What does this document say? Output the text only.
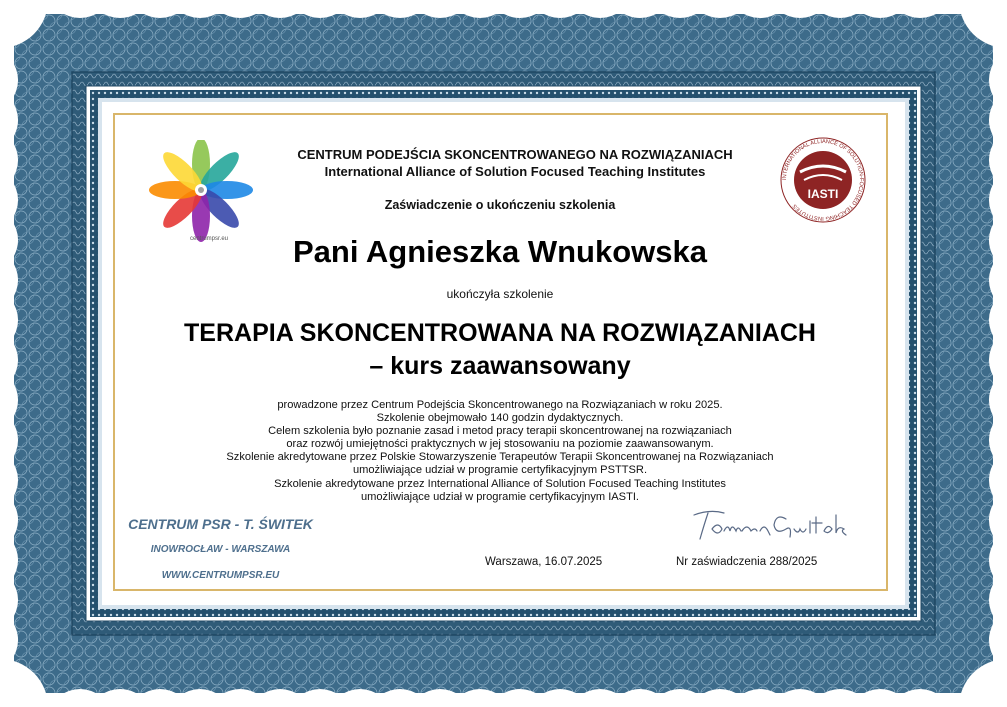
centrumpsr.eu
IASTI
INTERNATIONAL ALLIANCE OF SOLUTION-FOCUSED TEACHING INSTITUTES
CENTRUM PODEJŚCIA SKONCENTROWANEGO NA ROZWIĄZANIACH
International Alliance of Solution Focused Teaching Institutes
Zaświadczenie o ukończeniu szkolenia
Pani Agnieszka Wnukowska
ukończyła szkolenie
TERAPIA SKONCENTROWANA NA ROZWIĄZANIACH
– kurs zaawansowany
prowadzone przez Centrum Podejścia Skoncentrowanego na Rozwiązaniach w roku 2025.
Szkolenie obejmowało 140 godzin dydaktycznych.
Celem szkolenia było poznanie zasad i metod pracy terapii skoncentrowanej na rozwiązaniach
oraz rozwój umiejętności praktycznych w jej stosowaniu na poziomie zaawansowanym.
Szkolenie akredytowane przez Polskie Stowarzyszenie Terapeutów Terapii Skoncentrowanej na Rozwiązaniach
umożliwiające udział w programie certyfikacyjnym PSTTSR.
Szkolenie akredytowane przez International Alliance of Solution Focused Teaching Institutes
umożliwiające udział w programie certyfikacyjnym IASTI.
CENTRUM PSR - T. ŚWITEK
INOWROCŁAW - WARSZAWA
WWW.CENTRUMPSR.EU
Warszawa, 16.07.2025	Nr zaświadczenia 288/2025
